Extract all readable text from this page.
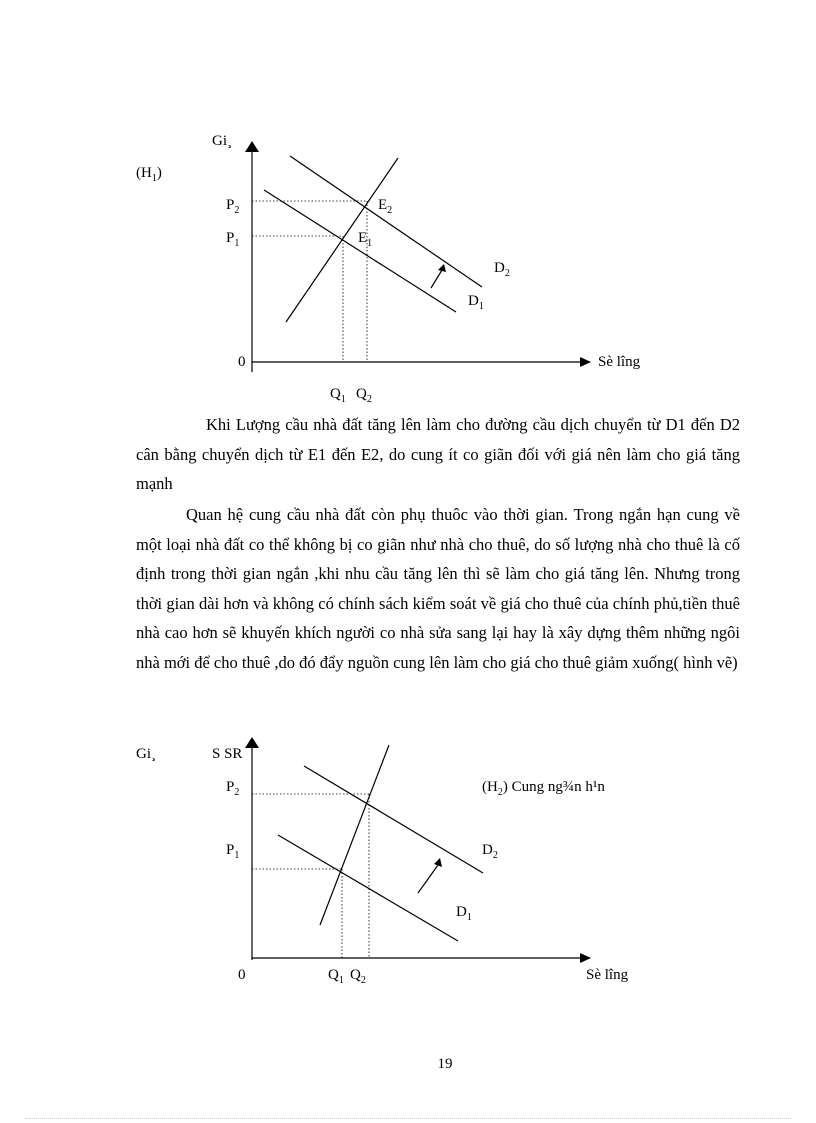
Gi¸
$(H_1)$
$P_2$
$P_1$
$E_2$
$E_1$
$D_2$
$D_1$
0	Sè lîng
$Q_1$ $Q_2$
Khi Lượng cầu nhà đất tăng lên làm cho đường cầu dịch chuyển từ D1 đến D2 cân bằng chuyển dịch từ E1 đến E2, do cung ít co giãn đối với giá nên làm cho giá tăng mạnh
Quan hệ cung cầu nhà đất còn phụ thuôc vào thời gian. Trong ngắn hạn cung về một loại nhà đất co thể không bị co giãn như nhà cho thuê, do số lượng nhà cho thuê là cố định trong thời gian ngắn ,khi nhu cầu tăng lên thì sẽ làm cho giá tăng lên. Nhưng trong thời gian dài hơn và không có chính sách kiểm soát về giá cho thuê của chính phủ,tiền thuê nhà cao hơn sẽ khuyến khích người co nhà sửa sang lại hay là xây dựng thêm những ngôi nhà mới để cho thuê ,do đó đẩy nguồn cung lên làm cho giá cho thuê giảm xuống( hình vẽ)
Gi¸	S SR
$P_2$	$(H_2)$ Cung ng¾n h¹n
$P_1$	$D_2$
$D_1$
0	$Q_1$ $Q_2$	Sè lîng
19
